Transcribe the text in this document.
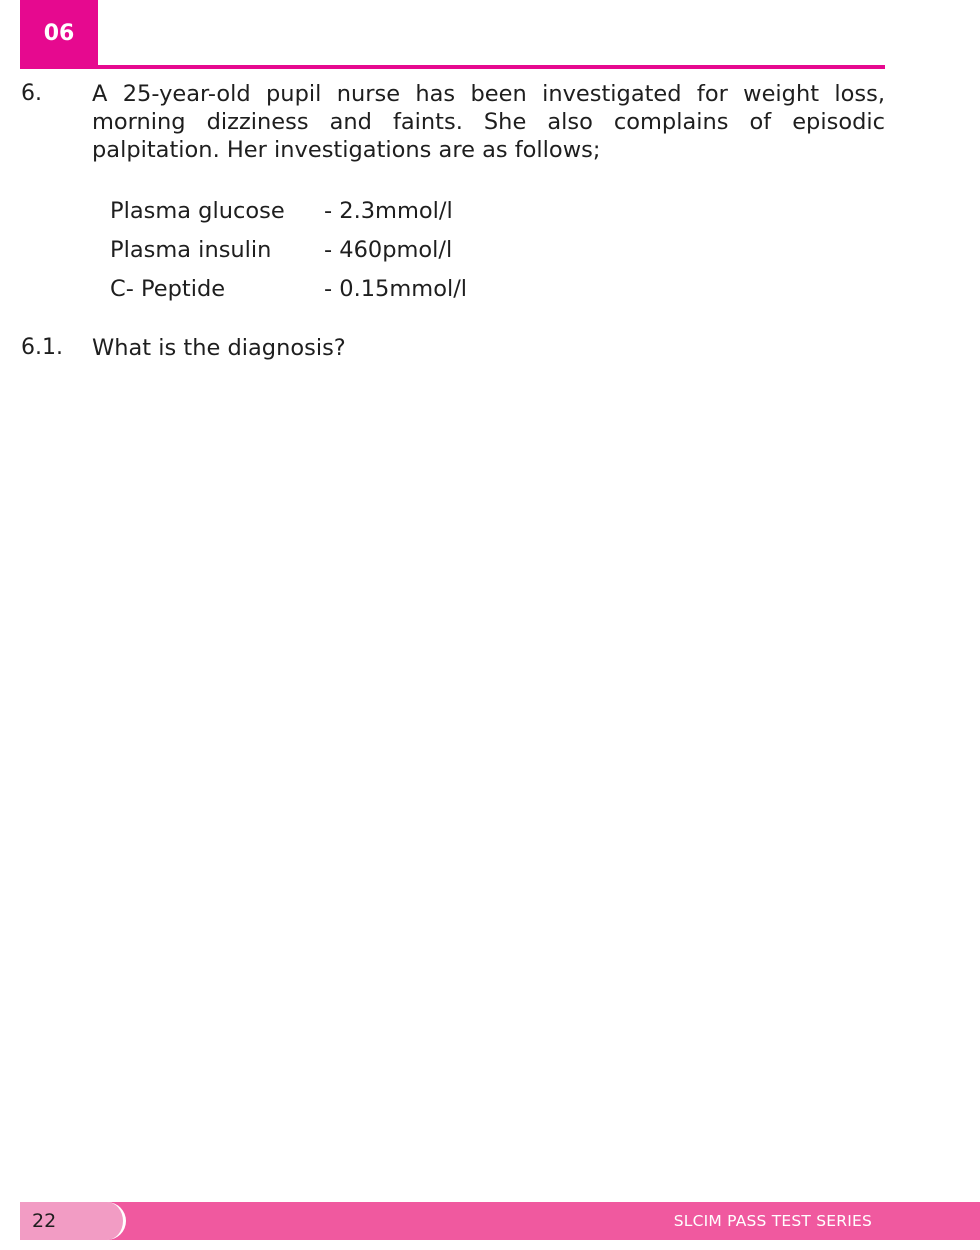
06
6. A 25-year-old pupil nurse has been investigated for weight loss, morning dizziness and faints. She also complains of episodic palpitation. Her investigations are as follows;

Plasma glucose	- 2.3mmol/l
Plasma insulin	- 460pmol/l
C- Peptide	- 0.15mmol/l
6.1. What is the diagnosis?
22	SLCIM PASS TEST SERIES
